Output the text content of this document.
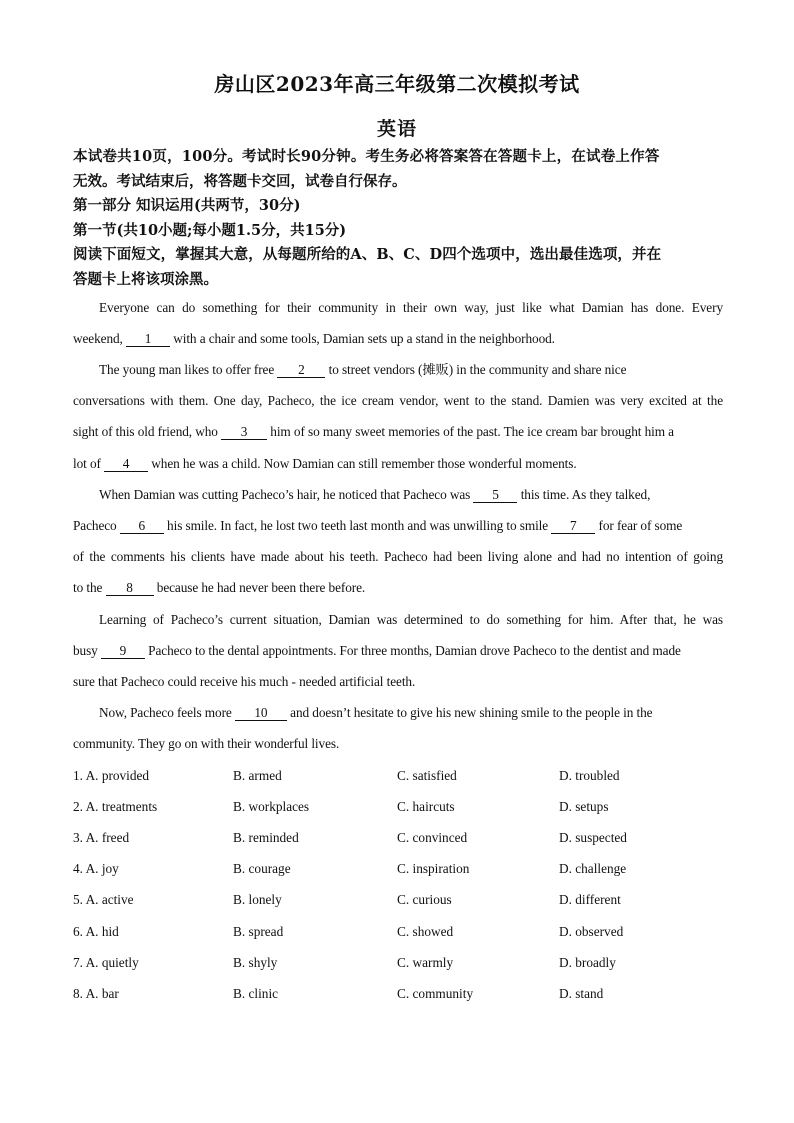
房山区2023年高三年级第二次模拟考试
英语
本试卷共10页，100分。考试时长90分钟。考生务必将答案答在答题卡上，在试卷上作答
无效。考试结束后，将答题卡交回，试卷自行保存。
第一部分 知识运用(共两节，30分)
第一节(共10小题;每小题1.5分，共15分)
阅读下面短文，掌握其大意，从每题所给的A、B、C、D四个选项中，选出最佳选项，并在
答题卡上将该项涂黑。
Everyone can do something for their community in their own way, just like what Damian has done. Every
weekend, 1 with a chair and some tools, Damian sets up a stand in the neighborhood.
The young man likes to offer free 2 to street vendors (摊贩) in the community and share nice
conversations with them. One day, Pacheco, the ice cream vendor, went to the stand. Damien was very excited at the
sight of this old friend, who 3 him of so many sweet memories of the past. The ice cream bar brought him a
lot of 4 when he was a child. Now Damian can still remember those wonderful moments.
When Damian was cutting Pacheco’s hair, he noticed that Pacheco was 5 this time. As they talked,
Pacheco 6 his smile. In fact, he lost two teeth last month and was unwilling to smile 7 for fear of some
of the comments his clients have made about his teeth. Pacheco had been living alone and had no intention of going
to the 8 because he had never been there before.
Learning of Pacheco’s current situation, Damian was determined to do something for him. After that, he was
busy 9 Pacheco to the dental appointments. For three months, Damian drove Pacheco to the dentist and made
sure that Pacheco could receive his much - needed artificial teeth.
Now, Pacheco feels more 10 and doesn’t hesitate to give his new shining smile to the people in the
community. They go on with their wonderful lives.
1. A. provided	B. armed	C. satisfied	D. troubled
2. A. treatments	B. workplaces	C. haircuts	D. setups
3. A. freed	B. reminded	C. convinced	D. suspected
4. A. joy	B. courage	C. inspiration	D. challenge
5. A. active	B. lonely	C. curious	D. different
6. A. hid	B. spread	C. showed	D. observed
7. A. quietly	B. shyly	C. warmly	D. broadly
8. A. bar	B. clinic	C. community	D. stand
